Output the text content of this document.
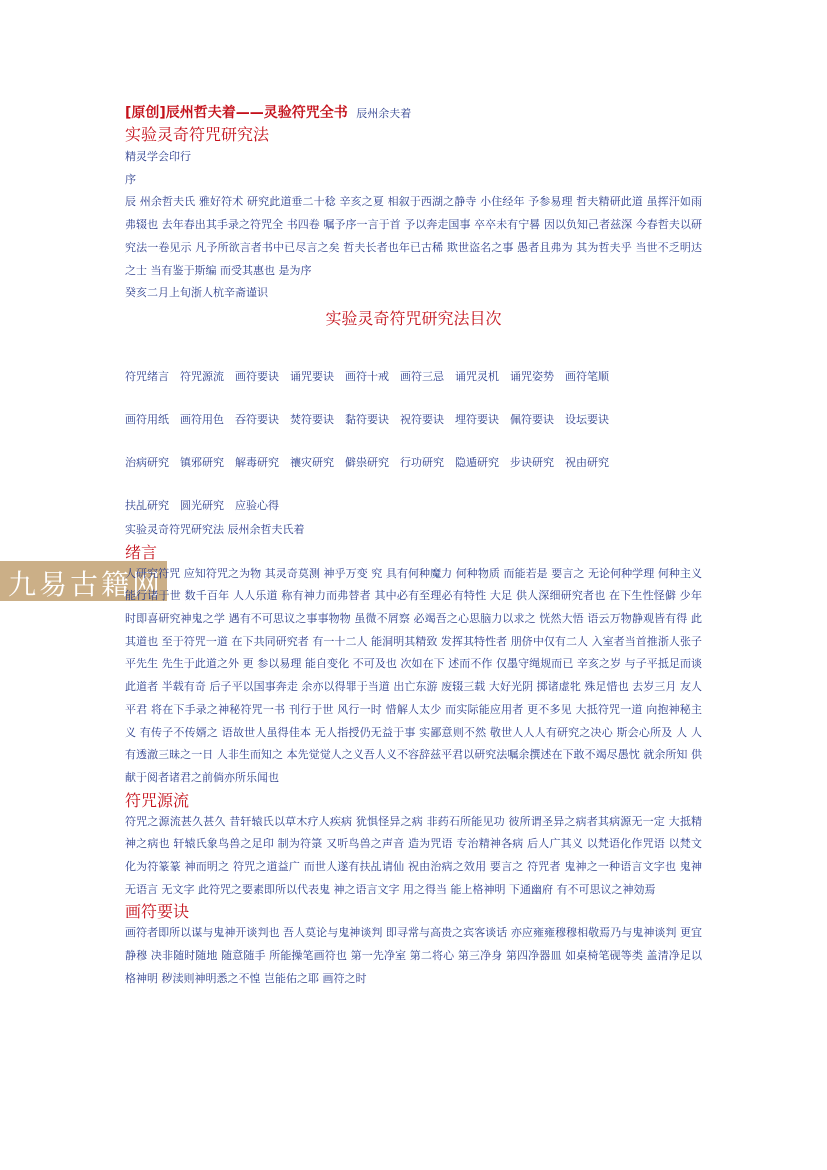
九易古籍网
[原创]辰州哲夫着——灵验符咒全书 辰州余夫着
实验灵奇符咒研究法
精灵学会印行
序
辰 州余哲夫氏 雅好符术 研究此道垂二十稔 辛亥之夏 相叙于西湖之静寺 小住经年 予参易理 哲夫精研此道 虽挥汗如雨 弗辍也 去年春出其手录之符咒全 书四卷 嘱予序一言于首 予以奔走国事 卒卒未有宁晷 因以负知己者兹深 今春哲夫以研究法一卷见示 凡予所欲言者书中已尽言之矣 哲夫长者也年已古稀 欺世盗名之事 愚者且弗为 其为哲夫乎 当世不乏明达之士 当有鉴于斯编 而受其惠也 是为序
癸亥二月上旬浙人杭辛斋谨识
实验灵奇符咒研究法目次
符咒绪言 符咒源流 画符要诀 诵咒要诀 画符十戒 画符三忌 诵咒灵机 诵咒姿势 画符笔顺
画符用纸 画符用色 吞符要诀 焚符要诀 黏符要诀 祝符要诀 埋符要诀 佩符要诀 设坛要诀
治病研究 镇邪研究 解毒研究 禳灾研究 僻祟研究 行功研究 隐遁研究 步诀研究 祝由研究
扶乩研究 圆光研究 应验心得
实验灵奇符咒研究法 辰州余哲夫氏着
绪言
人研究符咒 应知符咒之为物 其灵奇莫测 神乎万变 究 具有何种魔力 何种物质 而能若是 要言之 无论何种学理 何种主义 能行诸于世 数千百年 人人乐道 称有神力而弗替者 其中必有至理必有特性 大足 供人深细研究者也 在下生性怪僻 少年时即喜研究神鬼之学 遇有不可思议之事事物物 虽微不屑察 必竭吾之心思脑力以求之 恍然大悟 语云万物静观皆有得 此其道也 至于符咒一道 在下共同研究者 有一十二人 能洞明其精致 发挥其特性者 朋侪中仅有二人 入室者当首推浙人张子平先生 先生于此道之外 更 参以易理 能自变化 不可及也 次如在下 述而不作 仅墨守绳规而已 辛亥之岁 与子平抵足而谈此道者 半载有奇 后子平以国事奔走 余亦以得罪于当道 出亡东游 废辍三载 大好光阴 掷诸虚牝 殊足惜也 去岁三月 友人平君 将在下手录之神秘符咒一书 刊行于世 风行一时 惜解人太少 而实际能应用者 更不多见 大抵符咒一道 向抱神秘主义 有传子不传婿之 语故世人虽得佳本 无人指授仍无益于事 实鄙意则不然 敬世人人人有研究之决心 斯会心所及 人 人有透澈三昧之一日 人非生而知之 本先觉觉人之义吾人义不容辞兹平君以研究法嘱余撰述在下敢不竭尽愚忱 就余所知 供献于阅者诸君之前倘亦所乐闻也
符咒源流
符咒之源流甚久甚久 昔轩辕氏以草木疗人疾病 犹惧怪异之病 非药石所能见功 彼所谓圣异之病者其病源无一定 大抵精神之病也 轩辕氏象鸟兽之足印 制为符箓 又听鸟兽之声音 造为咒语 专治精神各病 后人广其义 以梵语化作咒语 以梵文化为符篆篆 神而明之 符咒之道益广 而世人遂有扶乩请仙 祝由治病之效用 要言之 符咒者 鬼神之一种语言文字也 鬼神无语言 无文字 此符咒之要素即所以代表鬼 神之语言文字 用之得当 能上格神明 下通幽府 有不可思议之神効焉
画符要诀
画符者即所以谋与鬼神开谈判也 吾人莫论与鬼神谈判 即寻常与高贵之宾客谈话 亦应雍雍穆穆相敬焉乃与鬼神谈判 更宜静穆 决非随时随地 随意随手 所能操笔画符也 第一先净室 第二将心 第三净身 第四净器皿 如桌椅笔砚等类 盖清净足以格神明 秽渎则神明悉之不惶 岂能佑之耶 画符之时
